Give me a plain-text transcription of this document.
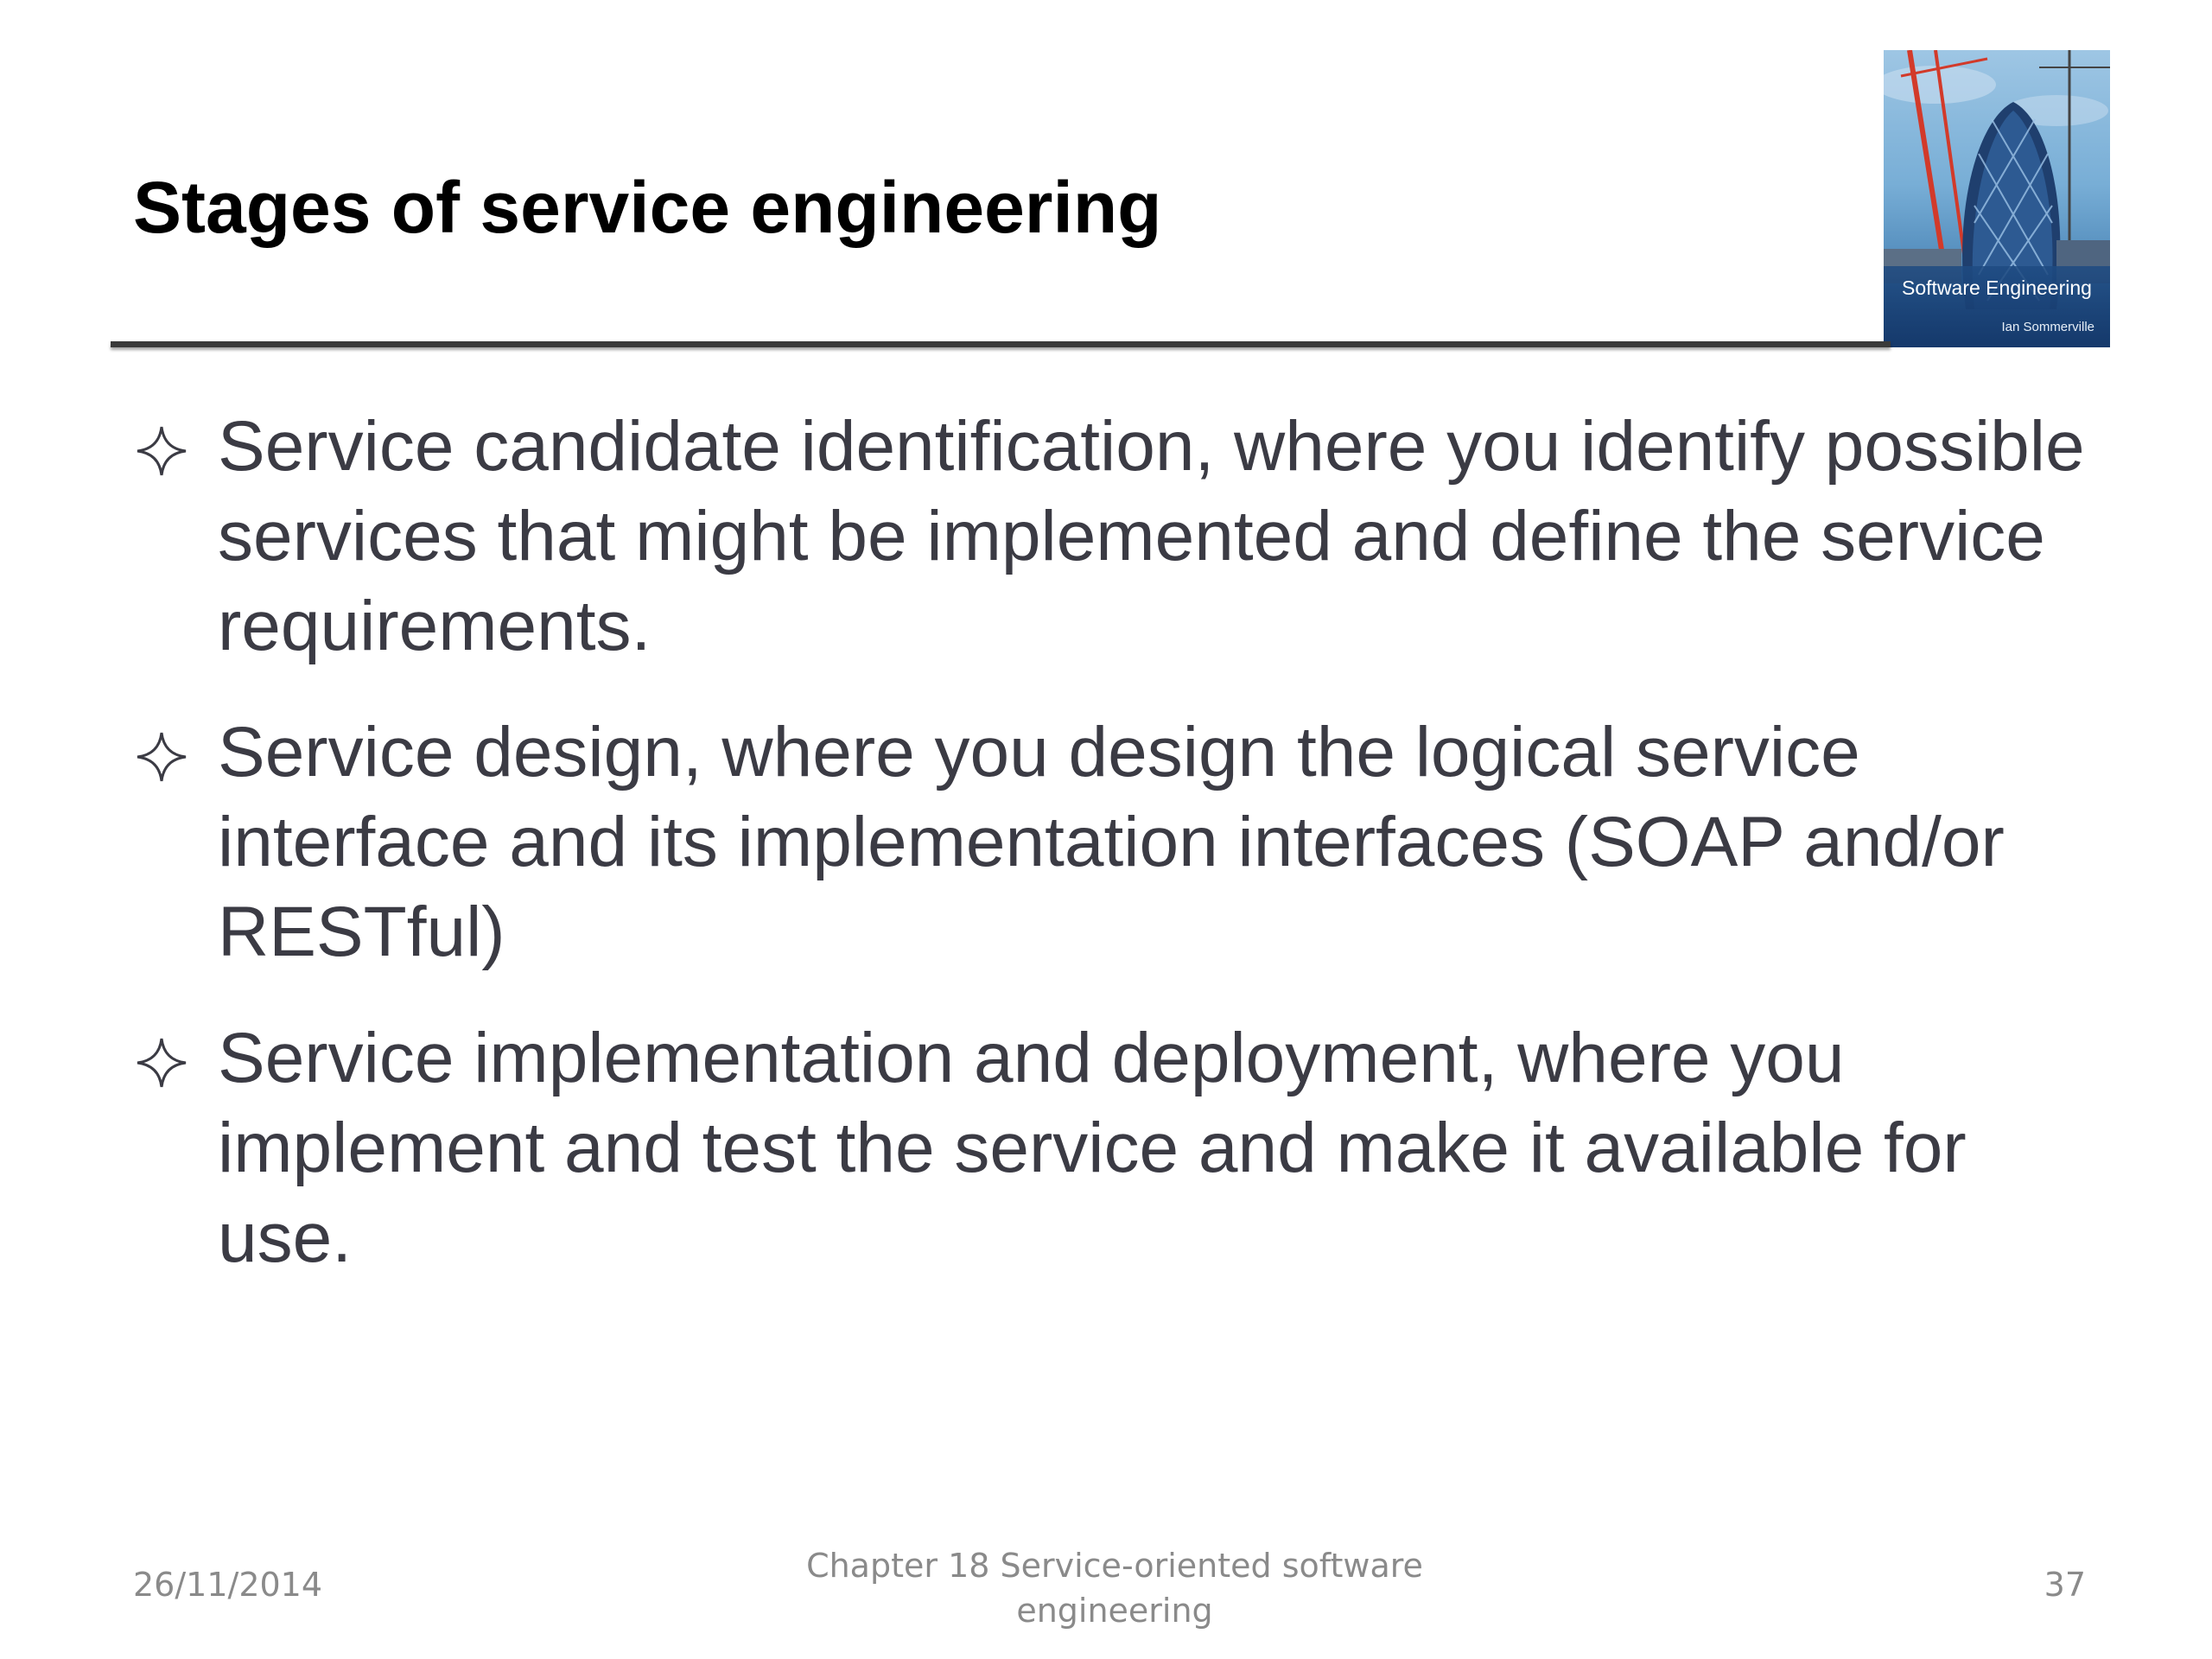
Stages of service engineering
Software Engineering
Ian Sommerville
Service candidate identification, where you identify possible services that might be implemented and define the service requirements.
Service design, where you design the logical service interface and its implementation interfaces (SOAP and/or RESTful)
Service implementation and deployment, where you implement and test the service and make it available for use.
26/11/2014	Chapter 18 Service-oriented software engineering
37
